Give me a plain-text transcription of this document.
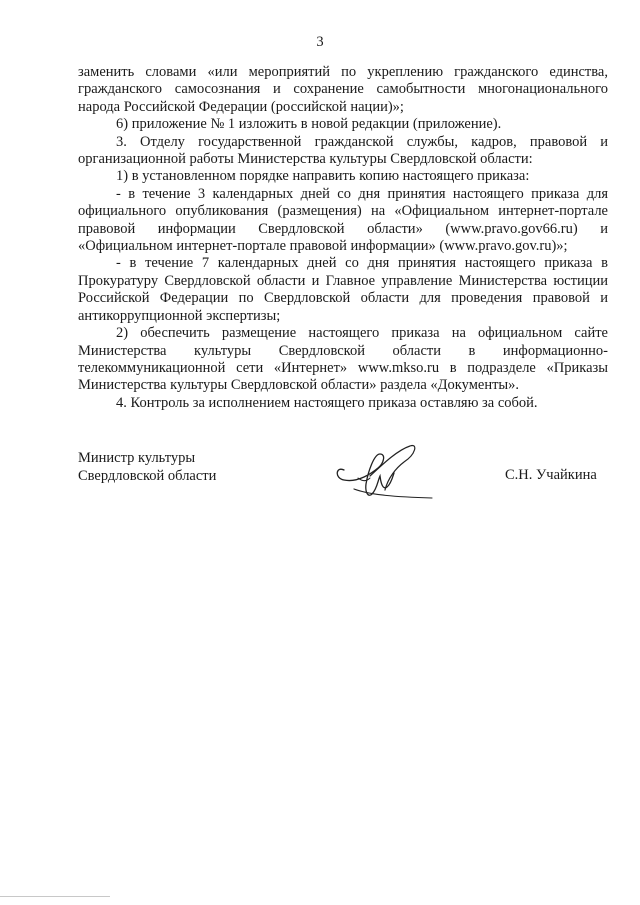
3

заменить словами «или мероприятий по укреплению гражданского единства, гражданского самосознания и сохранение самобытности многонационального народа Российской Федерации (российской нации)»;

6) приложение № 1 изложить в новой редакции (приложение).

3. Отделу государственной гражданской службы, кадров, правовой и организационной работы Министерства культуры Свердловской области:

1) в установленном порядке направить копию настоящего приказа:

- в течение 3 календарных дней со дня принятия настоящего приказа для официального опубликования (размещения) на «Официальном интернет-портале правовой информации Свердловской области» (www.pravo.gov66.ru) и «Официальном интернет-портале правовой информации» (www.pravo.gov.ru)»;

- в течение 7 календарных дней со дня принятия настоящего приказа в Прокуратуру Свердловской области и Главное управление Министерства юстиции Российской Федерации по Свердловской области для проведения правовой и антикоррупционной экспертизы;

2) обеспечить размещение настоящего приказа на официальном сайте Министерства культуры Свердловской области в информационно-телекоммуникационной сети «Интернет» www.mkso.ru в подразделе «Приказы Министерства культуры Свердловской области» раздела «Документы».

4. Контроль за исполнением настоящего приказа оставляю за собой.

Министр культуры
Свердловской области	С.Н. Учайкина
